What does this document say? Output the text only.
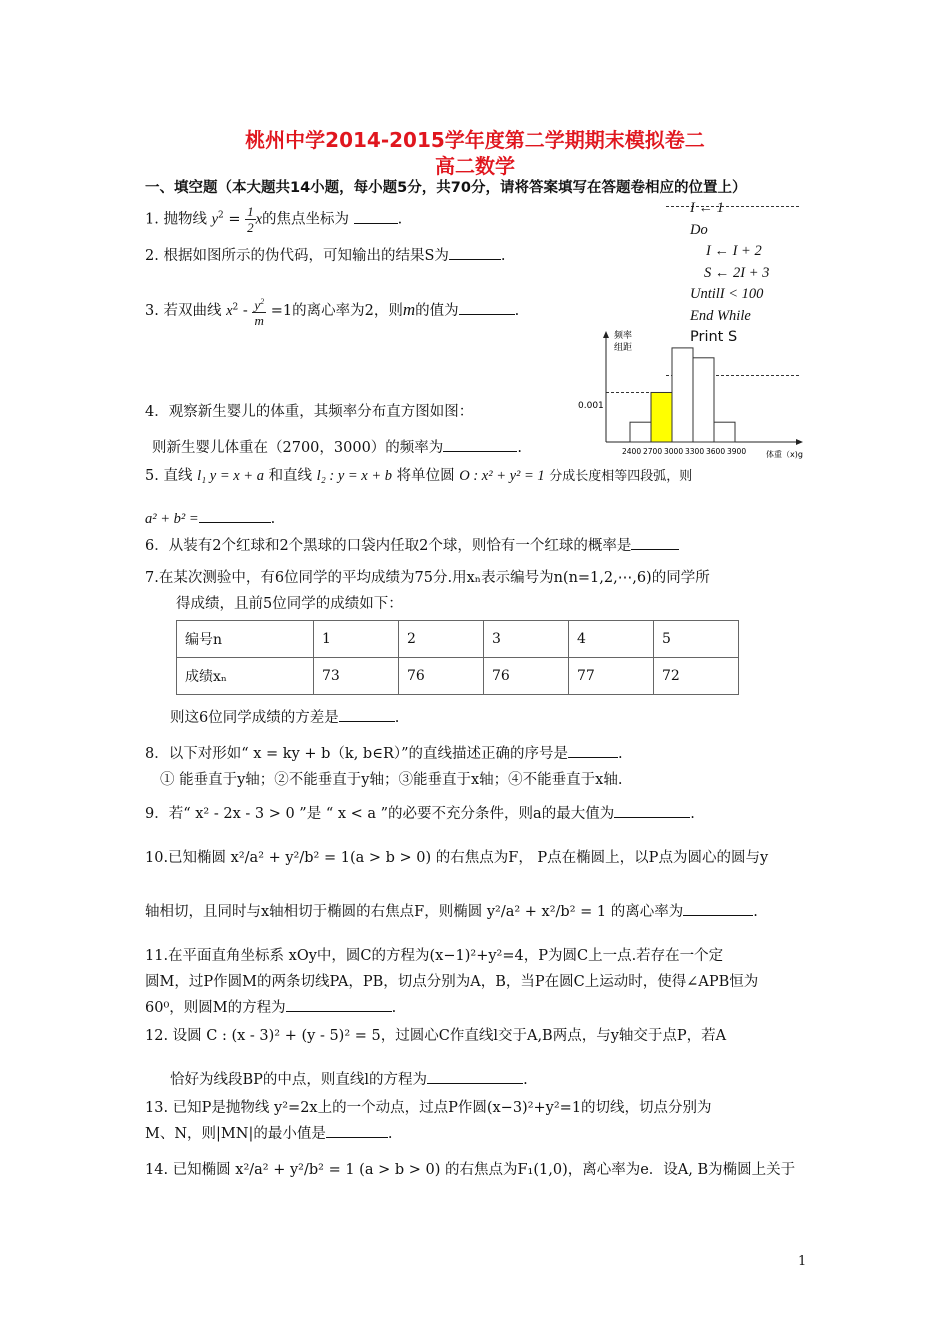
桃州中学2014-2015学年度第二学期期末模拟卷二
高二数学
一、填空题（本大题共14小题，每小题5分，共70分，请将答案填写在答题卷相应的位置上）
1. 抛物线 $y^2 = \frac{1}{2}$ x的焦点坐标为	.
2. 根据如图所示的伪代码，可知输出的结果S为	.
3. 若双曲线 $x^2 - \frac{y^2}{m} =1$的离心率为2，则m的值为	.
I ← 1
Do
I ← I + 2
S ← 2I + 3
UntilI < 100
End While
Print S
2400 2700 3000 3300 3600 3900
频率
组距
0.001
体重（x)g
4．观察新生婴儿的体重，其频率分布直方图如图：
则新生婴儿体重在（2700，3000）的频率为	.
5. 直线 l₁ y = x + a 和直线 l₂ : y = x + b 将单位圆 O : x² + y² = 1 分成长度相等四段弧，则
a² + b² =	.
6．从装有2个红球和2个黑球的口袋内任取2个球，则恰有一个红球的概率是
7.在某次测验中，有6位同学的平均成绩为75分.用xₙ表示编号为n(n=1,2,⋯,6)的同学所
得成绩，且前5位同学的成绩如下：
编号n	1	2	3	4	5
成绩xₙ	73	76	76	77	72
则这6位同学成绩的方差是	.
8．以下对形如“ x = ky + b（k, b∈R）”的直线描述正确的序号是	.
① 能垂直于y轴；②不能垂直于y轴；③能垂直于x轴；④不能垂直于x轴.
9．若“ x² - 2x - 3 > 0 ”是 “ x < a ”的必要不充分条件，则a的最大值为	.
10.已知椭圆 x²/a² + y²/b² = 1(a > b > 0) 的右焦点为F， P点在椭圆上，以P点为圆心的圆与y
轴相切，且同时与x轴相切于椭圆的右焦点F，则椭圆 y²/a² + x²/b² = 1 的离心率为	.
11.在平面直角坐标系 xOy中，圆C的方程为(x−1)²+y²=4，P为圆C上一点.若存在一个定
圆M，过P作圆M的两条切线PA，PB，切点分别为A，B，当P在圆C上运动时，使得∠APB恒为
60⁰，则圆M的方程为	.
12. 设圆 C : (x - 3)² + (y - 5)² = 5，过圆心C作直线l交于A,B两点，与y轴交于点P，若A
恰好为线段BP的中点，则直线l的方程为	.
13. 已知P是抛物线 y²=2x上的一个动点，过点P作圆(x−3)²+y²=1的切线，切点分别为
M、N，则|MN|的最小值是	.
14. 已知椭圆 x²/a² + y²/b² = 1 (a > b > 0) 的右焦点为F₁(1,0)，离心率为e．设A, B为椭圆上关于
1
